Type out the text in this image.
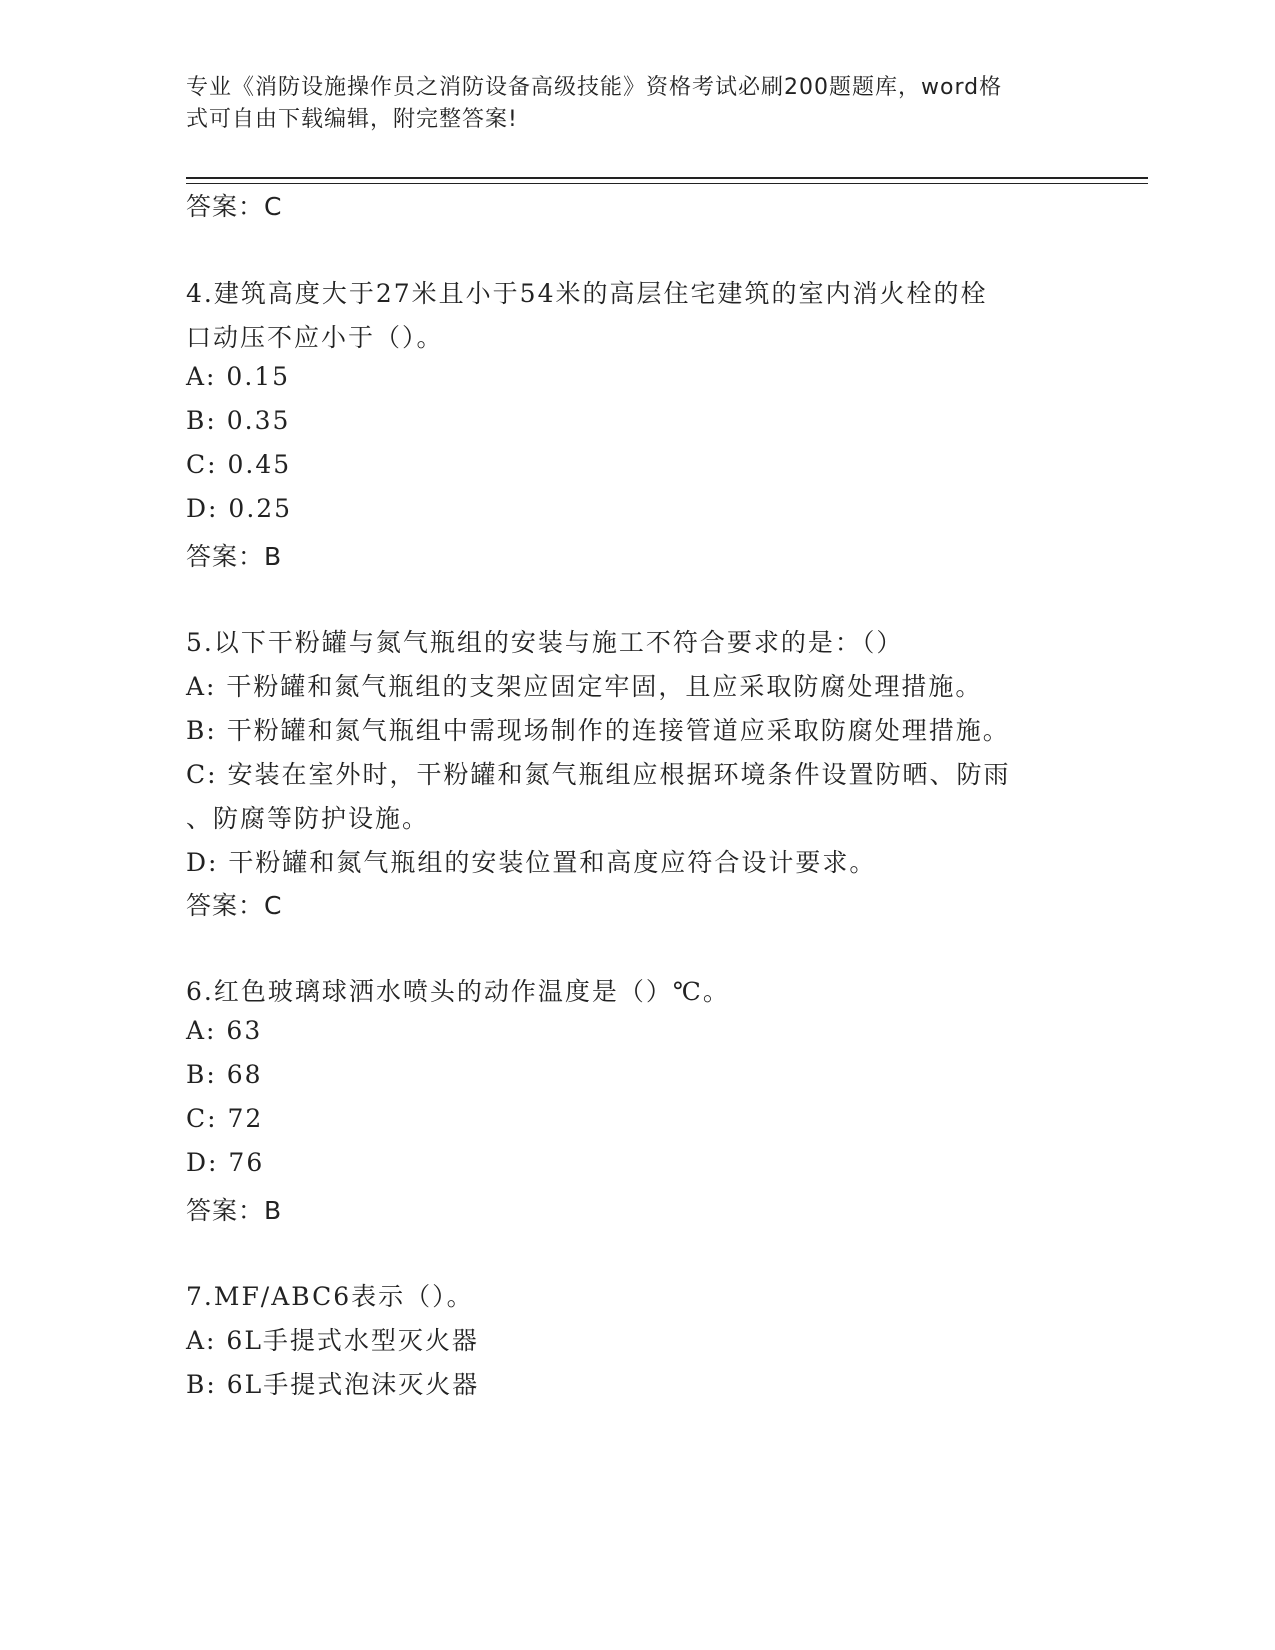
专业《消防设施操作员之消防设备高级技能》资格考试必刷200题题库，word格
式可自由下载编辑，附完整答案!
答案：C
4.建筑高度大于27米且小于54米的高层住宅建筑的室内消火栓的栓
口动压不应小于（）。
A: 0.15
B: 0.35
C: 0.45
D: 0.25
答案：B
5.以下干粉罐与氮气瓶组的安装与施工不符合要求的是：（）
A: 干粉罐和氮气瓶组的支架应固定牢固，且应采取防腐处理措施。
B: 干粉罐和氮气瓶组中需现场制作的连接管道应采取防腐处理措施。
C: 安装在室外时，干粉罐和氮气瓶组应根据环境条件设置防晒、防雨
、防腐等防护设施。
D: 干粉罐和氮气瓶组的安装位置和高度应符合设计要求。
答案：C
6.红色玻璃球洒水喷头的动作温度是（）℃。
A: 63
B: 68
C: 72
D: 76
答案：B
7.MF/ABC6表示（）。
A: 6L手提式水型灭火器
B: 6L手提式泡沫灭火器
